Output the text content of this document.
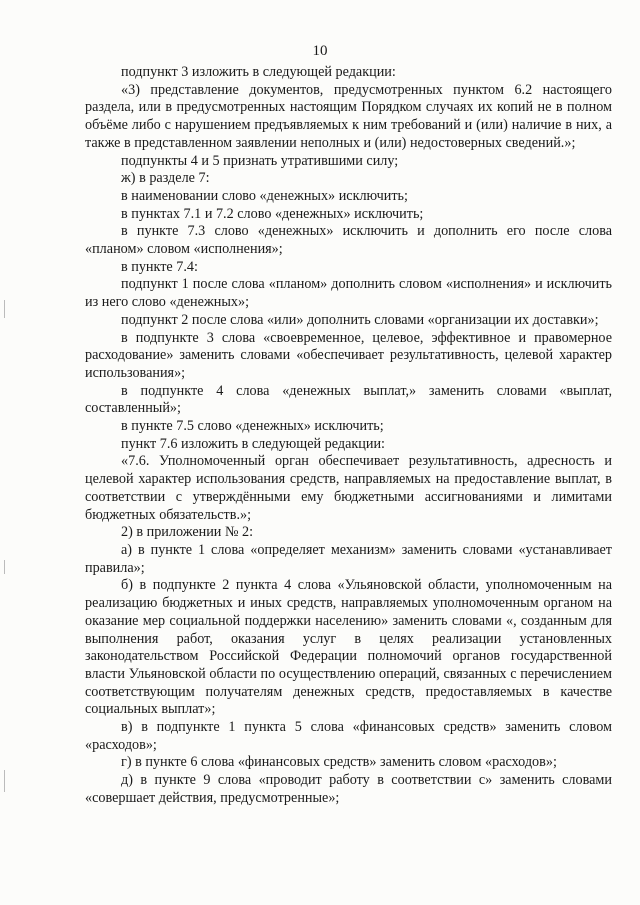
10

подпункт 3 изложить в следующей редакции:

«3) представление документов, предусмотренных пунктом 6.2 настоящего раздела, или в предусмотренных настоящим Порядком случаях их копий не в полном объёме либо с нарушением предъявляемых к ним требований и (или) наличие в них, а также в представленном заявлении неполных и (или) недостоверных сведений.»;

подпункты 4 и 5 признать утратившими силу;

ж) в разделе 7:

в наименовании слово «денежных» исключить;

в пунктах 7.1 и 7.2 слово «денежных» исключить;

в пункте 7.3 слово «денежных» исключить и дополнить его после слова «планом» словом «исполнения»;

в пункте 7.4:

подпункт 1 после слова «планом» дополнить словом «исполнения» и исключить из него слово «денежных»;

подпункт 2 после слова «или» дополнить словами «организации их доставки»;

в подпункте 3 слова «своевременное, целевое, эффективное и правомерное расходование» заменить словами «обеспечивает результативность, целевой характер использования»;

в подпункте 4 слова «денежных выплат,» заменить словами «выплат, составленный»;

в пункте 7.5 слово «денежных» исключить;

пункт 7.6 изложить в следующей редакции:

«7.6. Уполномоченный орган обеспечивает результативность, адресность и целевой характер использования средств, направляемых на предоставление выплат, в соответствии с утверждёнными ему бюджетными ассигнованиями и лимитами бюджетных обязательств.»;

2) в приложении № 2:

а) в пункте 1 слова «определяет механизм» заменить словами «устанавливает правила»;

б) в подпункте 2 пункта 4 слова «Ульяновской области, уполномоченным на реализацию бюджетных и иных средств, направляемых уполномоченным органом на оказание мер социальной поддержки населению» заменить словами «, созданным для выполнения работ, оказания услуг в целях реализации установленных законодательством Российской Федерации полномочий органов государственной власти Ульяновской области по осуществлению операций, связанных с перечислением соответствующим получателям денежных средств, предоставляемых в качестве социальных выплат»;

в) в подпункте 1 пункта 5 слова «финансовых средств» заменить словом «расходов»;

г) в пункте 6 слова «финансовых средств» заменить словом «расходов»;

д) в пункте 9 слова «проводит работу в соответствии с» заменить словами «совершает действия, предусмотренные»;
